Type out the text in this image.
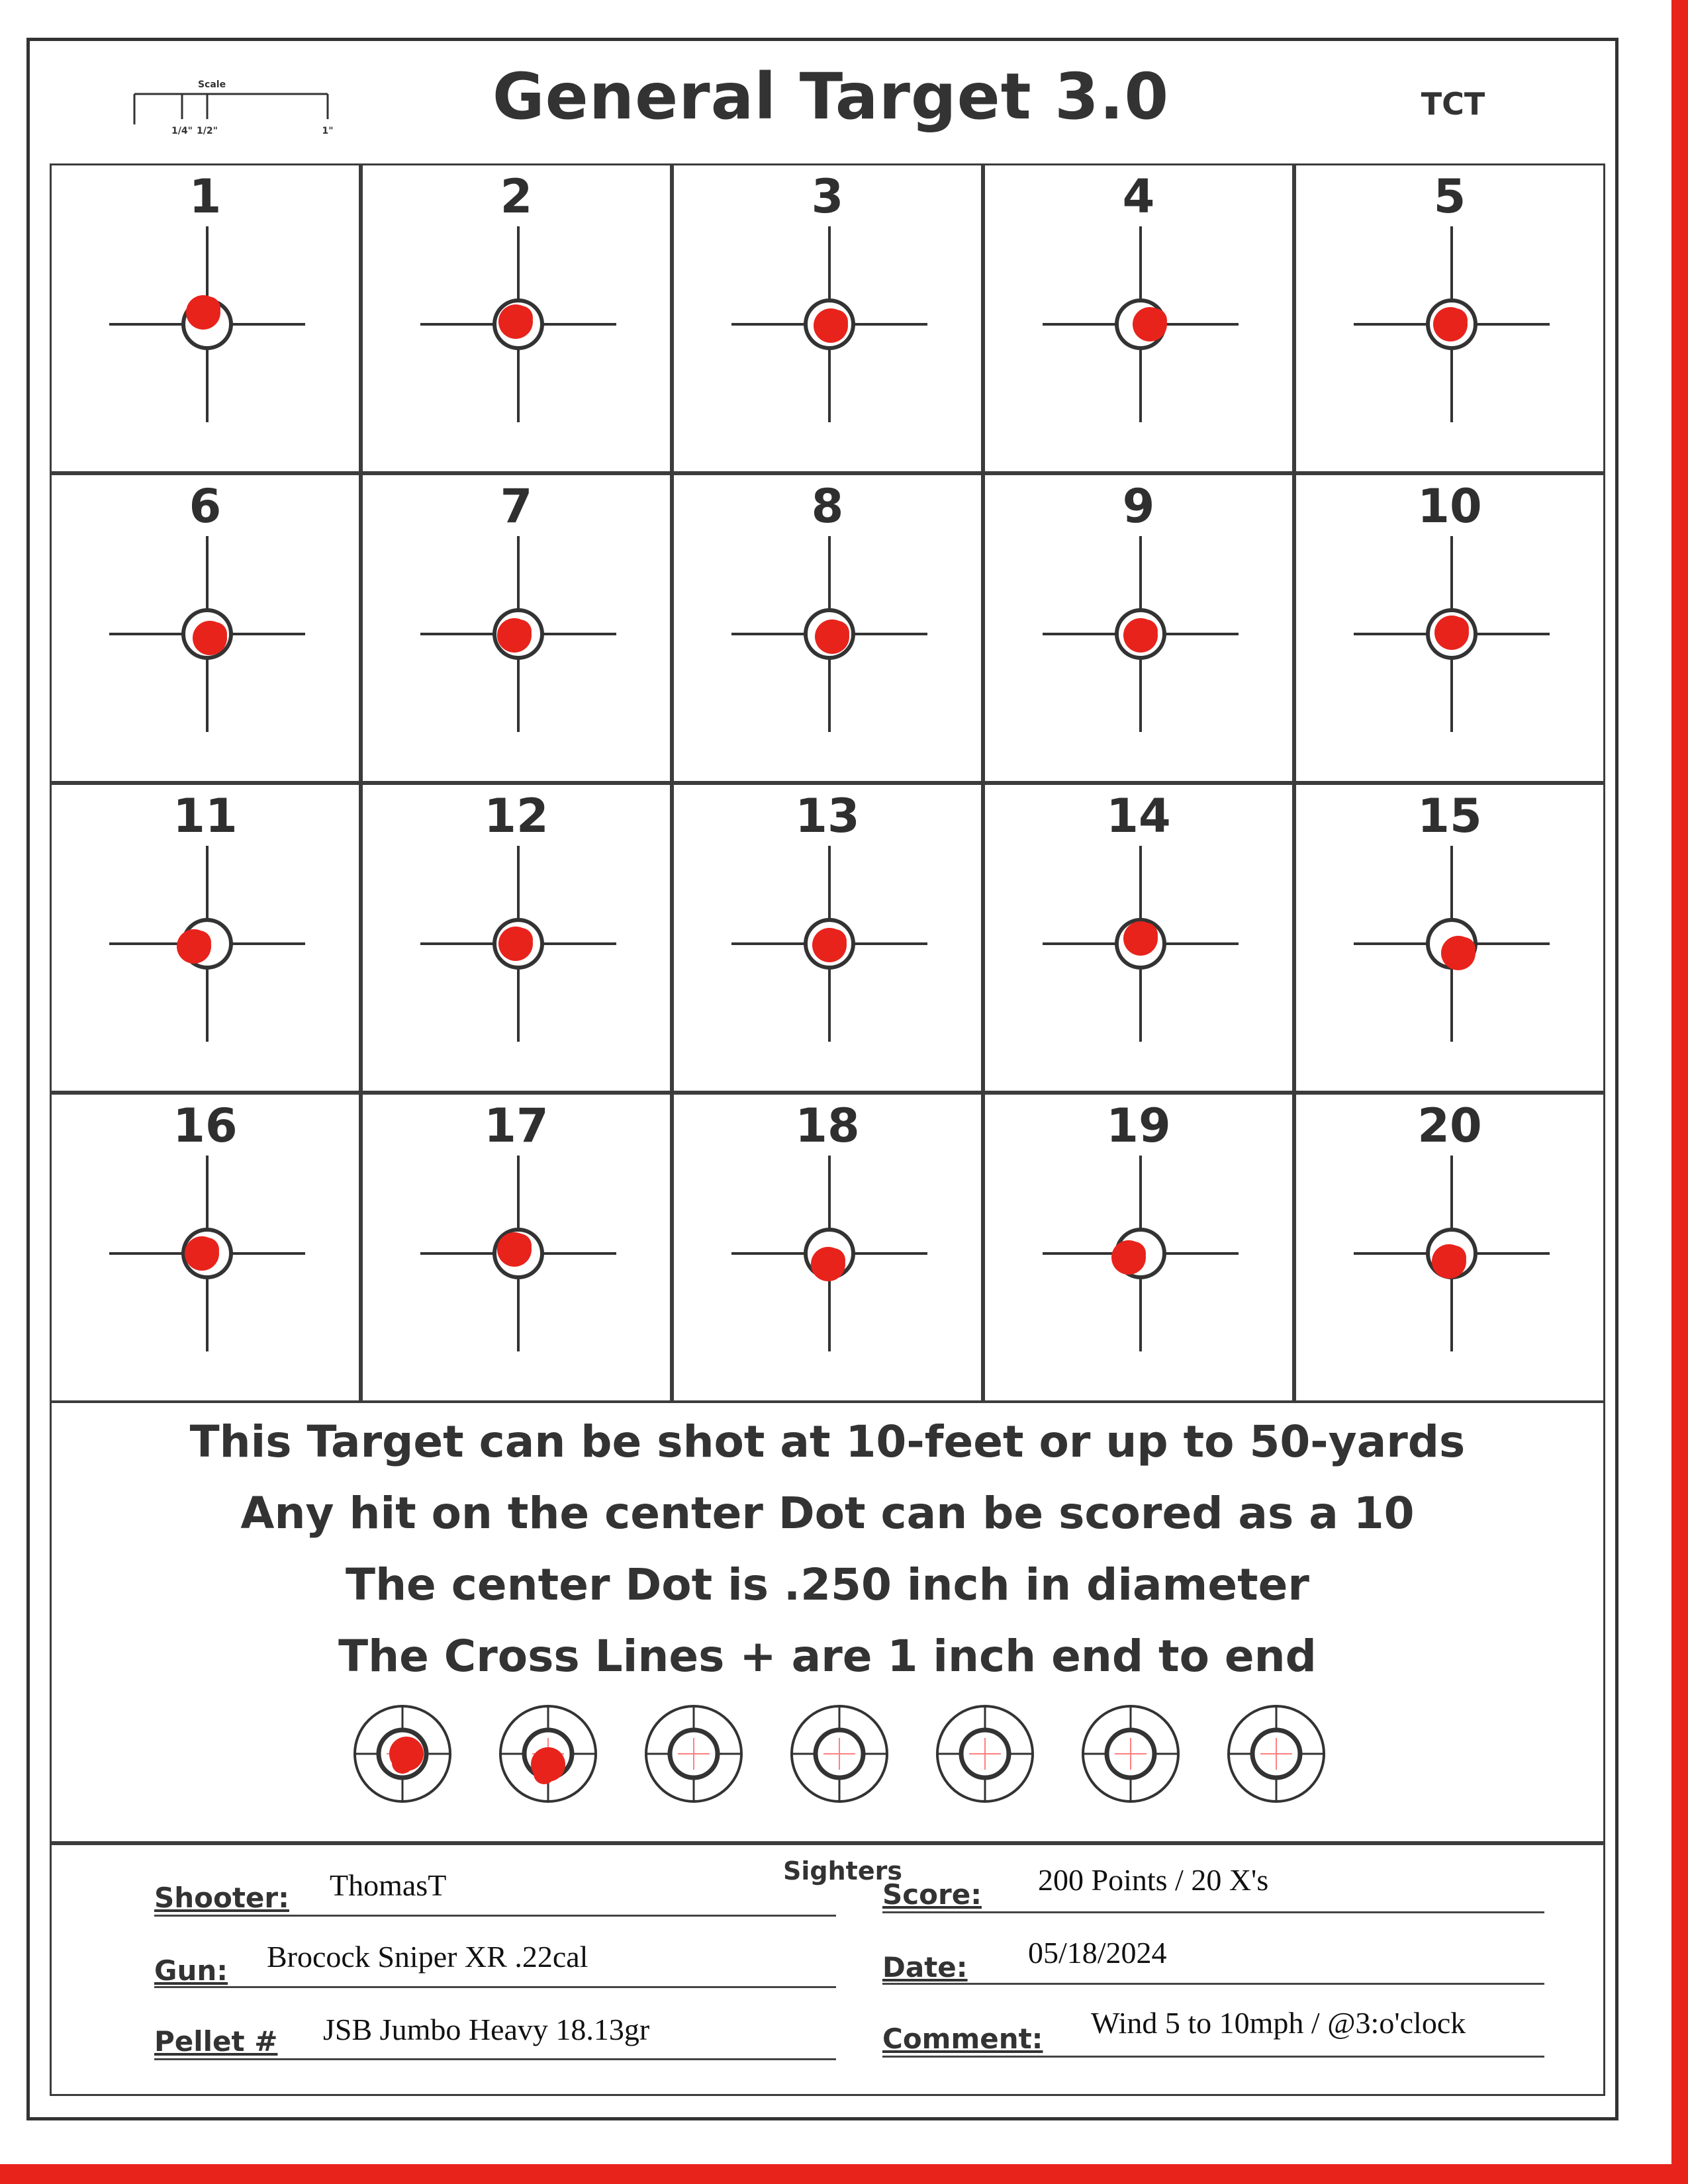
Scale
1/4" 1/2"	1"	General Target 3.0	TCT
1	2	3	4	5
6	7	8	9	10
11	12	13	14	15
16	17	18	19	20
This Target can be shot at 10-feet or up to 50-yards
Any hit on the center Dot can be scored as a 10
The center Dot is .250 inch in diameter
The Cross Lines + are 1 inch end to end
Sighters
Shooter: ThomasT
Gun: Brocock Sniper XR .22cal
Pellet # JSB Jumbo Heavy 18.13gr
Score: 200 Points / 20 X's
Date: 05/18/2024
Comment: Wind 5 to 10mph / @3:o'clock
